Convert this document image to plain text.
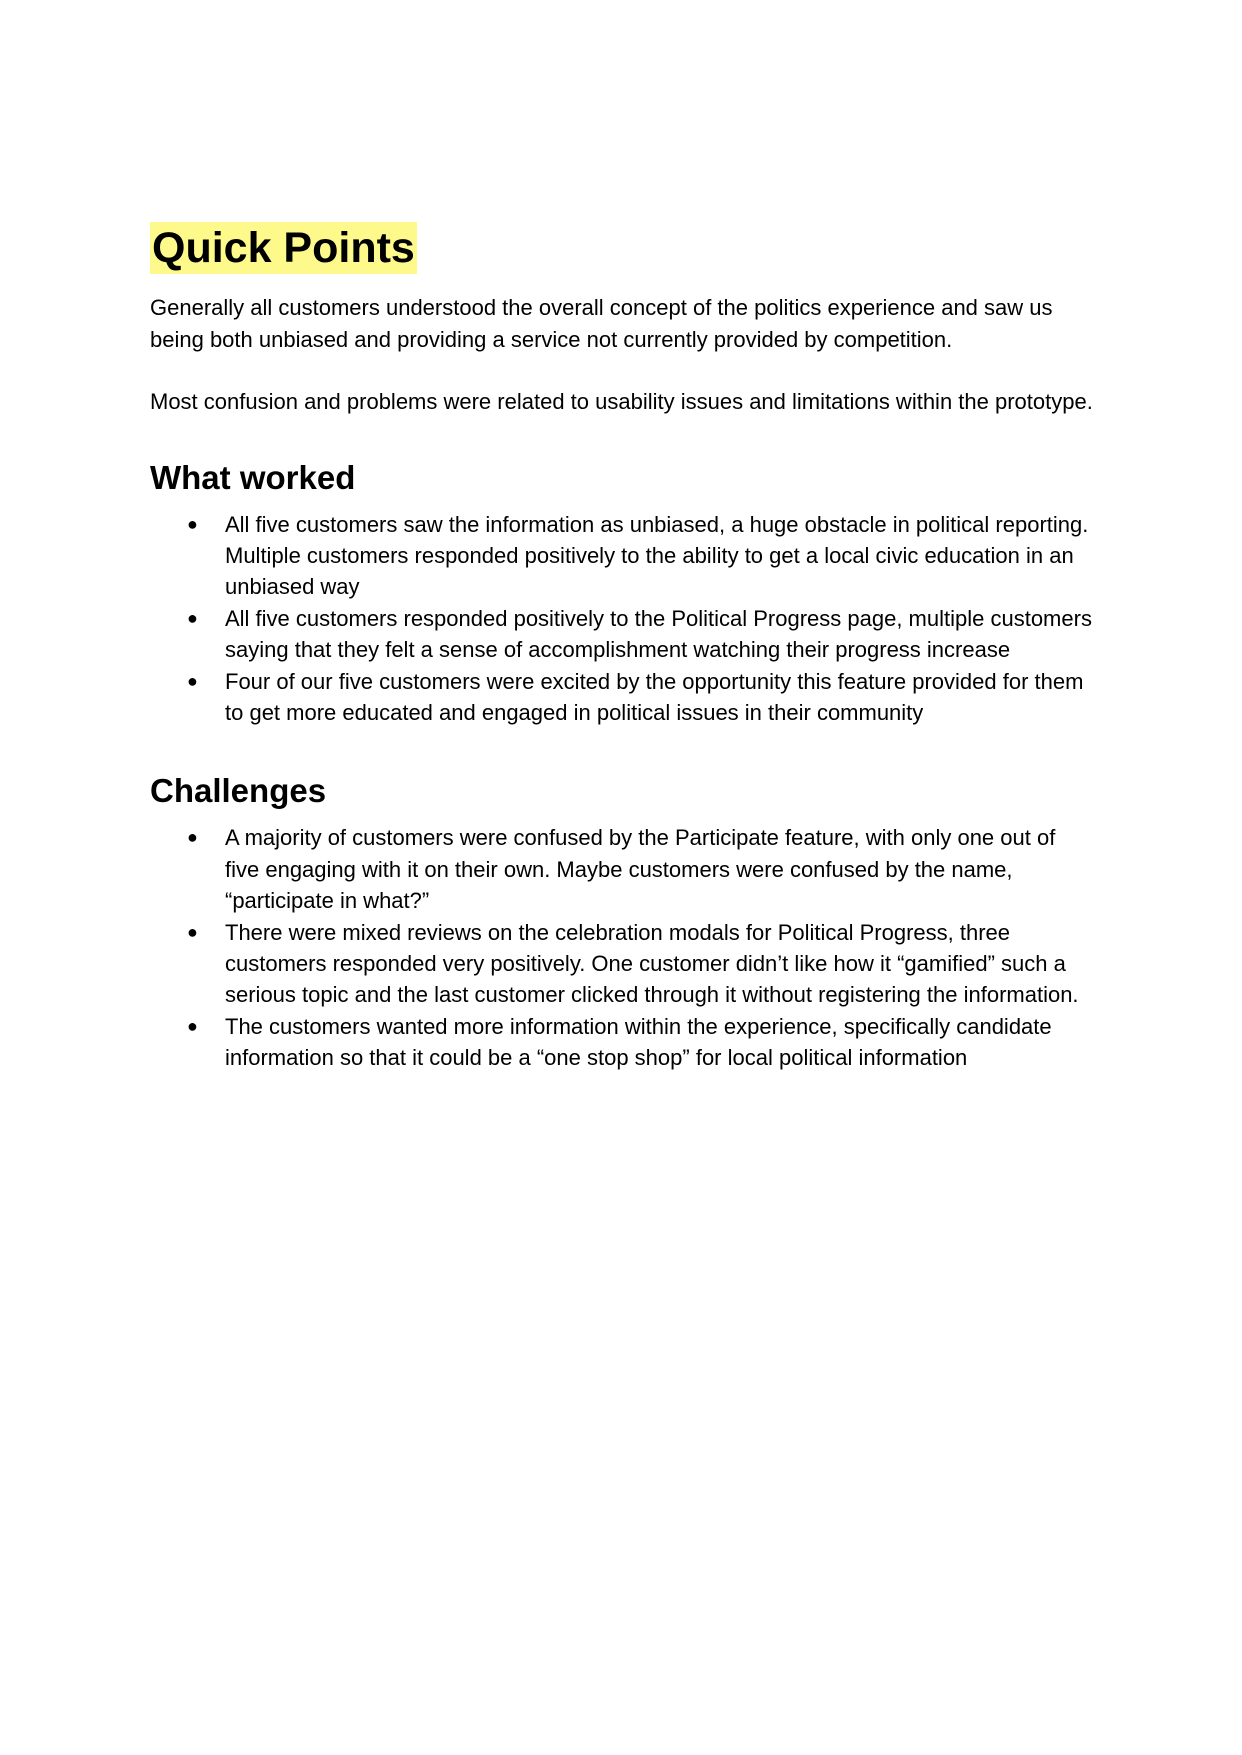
Quick Points

Generally all customers understood the overall concept of the politics experience and saw us being both unbiased and providing a service not currently provided by competition.

Most confusion and problems were related to usability issues and limitations within the prototype.

What worked
● All five customers saw the information as unbiased, a huge obstacle in political reporting. Multiple customers responded positively to the ability to get a local civic education in an unbiased way
● All five customers responded positively to the Political Progress page, multiple customers saying that they felt a sense of accomplishment watching their progress increase
● Four of our five customers were excited by the opportunity this feature provided for them to get more educated and engaged in political issues in their community
Challenges
● A majority of customers were confused by the Participate feature, with only one out of five engaging with it on their own. Maybe customers were confused by the name, “participate in what?”
● There were mixed reviews on the celebration modals for Political Progress, three customers responded very positively. One customer didn’t like how it “gamified” such a serious topic and the last customer clicked through it without registering the information.
● The customers wanted more information within the experience, specifically candidate information so that it could be a “one stop shop” for local political information
